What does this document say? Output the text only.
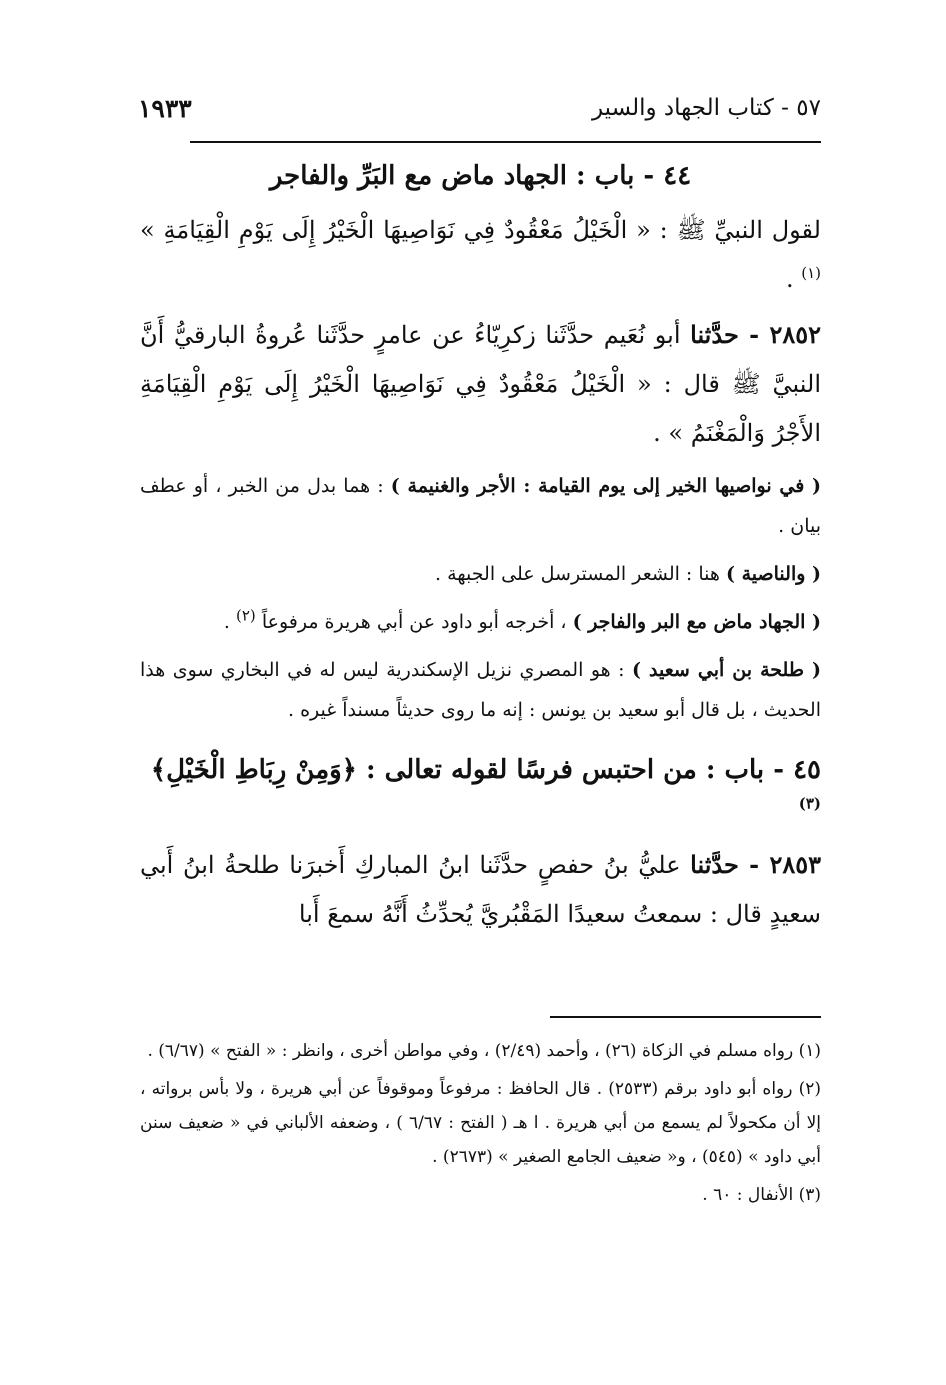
١٩٣٣	٥٧ - كتاب الجهاد والسير
٤٤ - باب : الجهاد ماض مع البَرِّ والفاجر

لقول النبيِّ ﷺ : « الْخَيْلُ مَعْقُودٌ فِي نَوَاصِيهَا الْخَيْرُ إِلَى يَوْمِ الْقِيَامَةِ » $^{(١)}$ .

٢٨٥٢ - حدَّثنا أبو نُعَيم حدَّثَنا زكرِيّاءُ عن عامرٍ حدَّثَنا عُروةُ البارقيُّ أَنَّ النبيَّ ﷺ قال : « الْخَيْلُ مَعْقُودٌ فِي نَوَاصِيهَا الْخَيْرُ إِلَى يَوْمِ الْقِيَامَةِ الأَجْرُ وَالْمَغْنَمُ » .

( في نواصيها الخير إلى يوم القيامة : الأجر والغنيمة ) : هما بدل من الخبر ، أو عطف بيان .

( والناصية ) هنا : الشعر المسترسل على الجبهة .

( الجهاد ماض مع البر والفاجر ) ، أخرجه أبو داود عن أبي هريرة مرفوعاً $^{(٢)}$ .

( طلحة بن أبي سعيد ) : هو المصري نزيل الإسكندرية ليس له في البخاري سوى هذا الحديث ، بل قال أبو سعيد بن يونس : إنه ما روى حديثاً مسنداً غيره .

٤٥ - باب : من احتبس فرسًا لقوله تعالى : ﴿وَمِنْ رِبَاطِ الْخَيْلِ﴾$^{(٣)}$

٢٨٥٣ - حدَّثنا عليُّ بنُ حفصٍ حدَّثَنا ابنُ المباركِ أَخبرَنا طلحةُ ابنُ أَبي سعيدٍ قال : سمعتُ سعيدًا المَقْبُريَّ يُحدِّثُ أَنَّهُ سمعَ أَبا

(١) رواه مسلم في الزكاة (٢٦) ، وأحمد (٢/٤٩) ، وفي مواطن أخرى ، وانظر : « الفتح » (٦/٦٧) .

(٢) رواه أبو داود برقم (٢٥٣٣) . قال الحافظ : مرفوعاً وموقوفاً عن أبي هريرة ، ولا بأس برواته ، إلا أن مكحولاً لم يسمع من أبي هريرة . ا هـ ( الفتح : ٦/٦٧ ) ، وضعفه الألباني في « ضعيف سنن أبي داود » (٥٤٥) ، و« ضعيف الجامع الصغير » (٢٦٧٣) .

(٣) الأنفال : ٦٠ .
